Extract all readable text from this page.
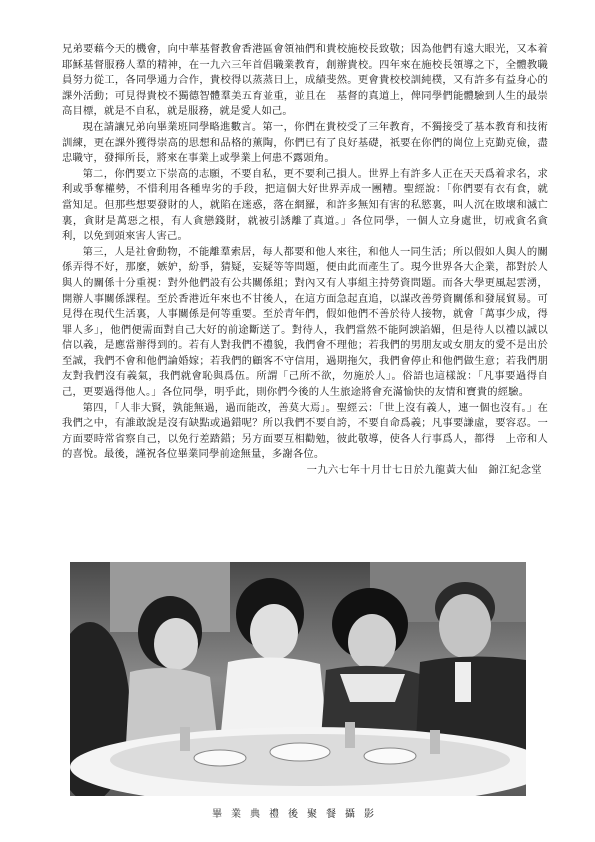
兄弟要藉今天的機會，向中華基督教會香港區會領袖們和貴校施校長致敬；因為他們有遠大眼光，又本着　耶穌基督服務人羣的精神，在一九六三年首倡職業教育，創辦貴校。四年來在施校長領導之下，全體教職員努力從工，各同學通力合作，貴校得以蒸蒸日上，成績斐然。更會貴校校訓純樸，又有許多有益身心的課外活動；可見得貴校不獨德智體羣美五育並重，並且在　基督的真道上，俾同學們能體驗到人生的最崇高目標，就是不自私，就是服務，就是愛人如己。

現在請讓兄弟向畢業班同學略進數言。第一，你們在貴校受了三年教育，不獨接受了基本教育和技術訓練，更在課外獲得崇高的思想和品格的薰陶，你們已有了良好基礎，祇要在你們的崗位上克勤克儉，盡忠職守，發揮所長，將來在事業上或學業上何患不露頭角。

第二，你們要立下崇高的志願，不要自私，更不要利己損人。世界上有許多人正在天天爲着求名，求利或爭奪權勢，不惜利用各種卑劣的手段，把這個大好世界弄成一團糟。聖經說：「你們要有衣有食，就當知足。但那些想要發財的人，就陷在迷惑，落在網羅，和許多無知有害的私慾裏，叫人沉在敗壞和滅亡裏，貪財是萬惡之根，有人貪戀錢財，就被引誘離了真道。」各位同學，一個人立身處世，切戒貪名貪利，以免到頭來害人害己。

第三，人是社會動物，不能離羣索居，每人都要和他人來往，和他人一同生活；所以假如人與人的關係弄得不好，那麼，嫉妒，紛爭，猜疑，妄疑等等問題，便由此而產生了。現今世界各大企業，都對於人與人的關係十分重視：對外他們設有公共關係組；對內又有人事組主持勞資問題。而各大學更風起雲湧，開辦人事關係課程。至於香港近年來也不甘後人，在這方面急起直追，以謀改善勞資關係和發展貿易。可見得在現代生活裏，人事關係是何等重要。至於青年們，假如他們不善於待人接物，就會「萬事少成，得罪人多」，他們便需面對自己大好的前途斷送了。對待人，我們當然不能阿諛諂媚，但是待人以禮以誠以信以義，是應當辦得到的。若有人對我們不禮貌，我們會不理他；若我們的男朋友或女朋友的愛不是出於至誠，我們不會和他們論婚嫁；若我們的顧客不守信用，過期拖欠，我們會停止和他們做生意；若我們朋友對我們沒有義氣，我們就會恥與爲伍。所謂「己所不欲，勿施於人」。俗語也這樣說：「凡事要過得自己，更要過得他人。」各位同學，明乎此，則你們今後的人生旅途將會充滿愉快的友情和寶貴的經驗。

第四，「人非大賢，孰能無過，過而能改，善莫大焉」。聖經云：「世上沒有義人，連一個也沒有。」在我們之中，有誰敢說是沒有缺點或過錯呢？所以我們不要自誇，不要自命爲義；凡事要謙虛，要容忍。一方面要時常省察自己，以免行差踏錯；另方面要互相勸勉，彼此敬導，使各人行事爲人，都得　上帝和人的喜悅。最後，謹祝各位畢業同學前途無量，多謝各位。

一九六七年十月廿七日於九龍黃大仙　錦江紀念堂

畢業典禮後聚餐攝影
